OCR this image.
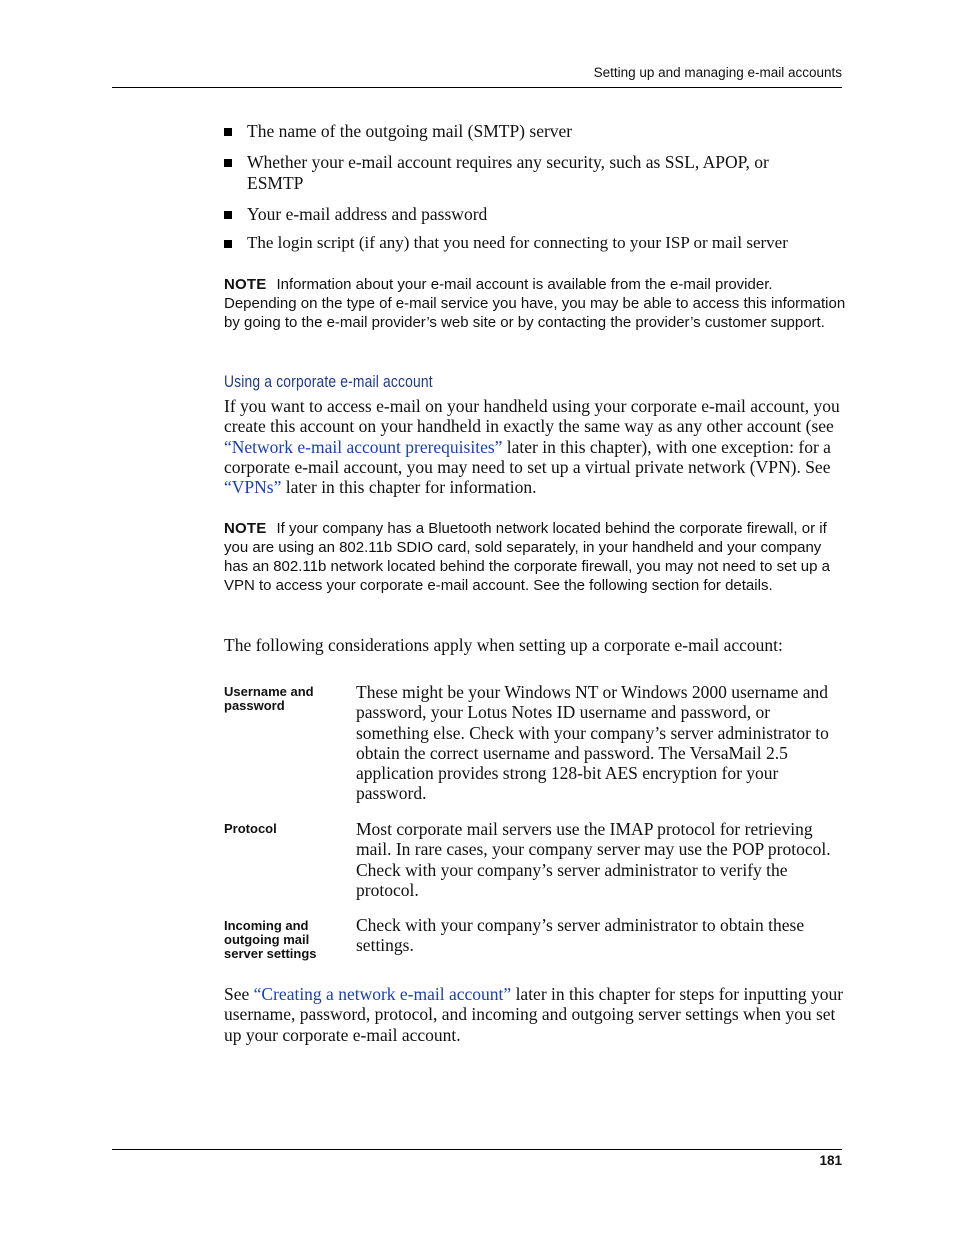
Setting up and managing e-mail accounts
The name of the outgoing mail (SMTP) server
Whether your e-mail account requires any security, such as SSL, APOP, or ESMTP
Your e-mail address and password
The login script (if any) that you need for connecting to your ISP or mail server
NOTE Information about your e-mail account is available from the e-mail provider. Depending on the type of e-mail service you have, you may be able to access this information by going to the e-mail provider’s web site or by contacting the provider’s customer support.
Using a corporate e-mail account
If you want to access e-mail on your handheld using your corporate e-mail account, you create this account on your handheld in exactly the same way as any other account (see “Network e-mail account prerequisites” later in this chapter), with one exception: for a corporate e-mail account, you may need to set up a virtual private network (VPN). See “VPNs” later in this chapter for information.
NOTE If your company has a Bluetooth network located behind the corporate firewall, or if you are using an 802.11b SDIO card, sold separately, in your handheld and your company has an 802.11b network located behind the corporate firewall, you may not need to set up a VPN to access your corporate e-mail account. See the following section for details.
The following considerations apply when setting up a corporate e-mail account:
Username and password
These might be your Windows NT or Windows 2000 username and password, your Lotus Notes ID username and password, or something else. Check with your company’s server administrator to obtain the correct username and password. The VersaMail 2.5 application provides strong 128-bit AES encryption for your password.
Protocol	Most corporate mail servers use the IMAP protocol for retrieving mail. In rare cases, your company server may use the POP protocol. Check with your company’s server administrator to verify the protocol.
Incoming and outgoing mail server settings
Check with your company’s server administrator to obtain these settings.
See “Creating a network e-mail account” later in this chapter for steps for inputting your username, password, protocol, and incoming and outgoing server settings when you set up your corporate e-mail account.
181
